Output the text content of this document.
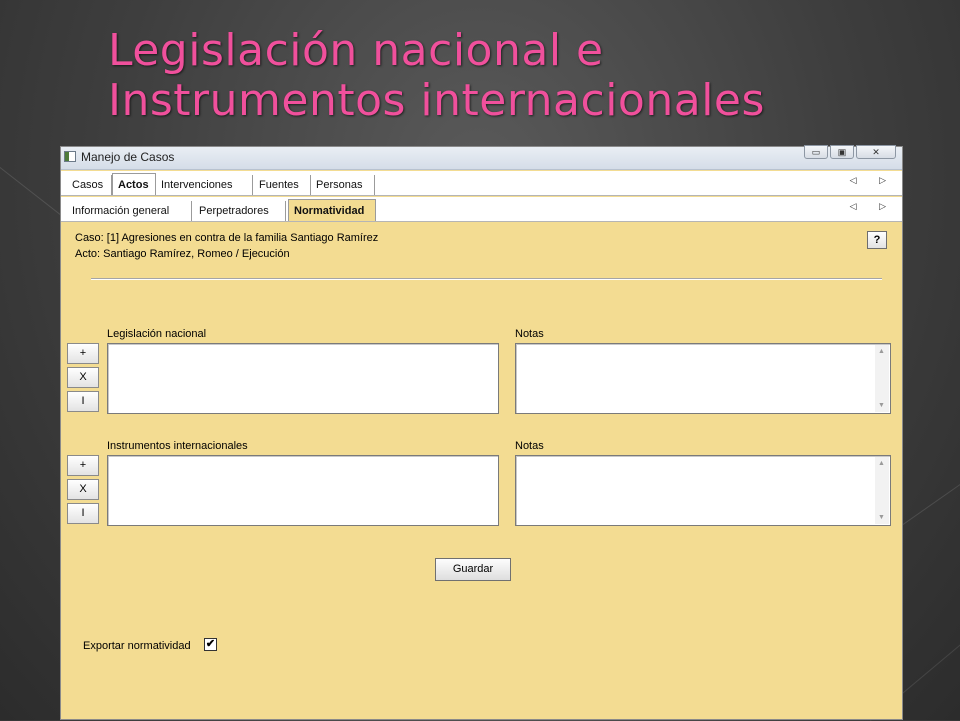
Legislación nacional e
Instrumentos internacionales
Manejo de Casos	▭	▣	✕
Casos	Actos	Intervenciones	Fuentes	Personas	◁ ▷
Información general	Perpetradores	Normatividad	◁ ▷
Caso: [1] Agresiones en contra de la familia Santiago Ramírez
Acto: Santiago Ramírez, Romeo / Ejecución
?
Legislación nacional	Notas
+
X
I
▲
▼
Instrumentos internacionales	Notas
+
X
I
▲
▼
Guardar
Exportar normatividad ✔
